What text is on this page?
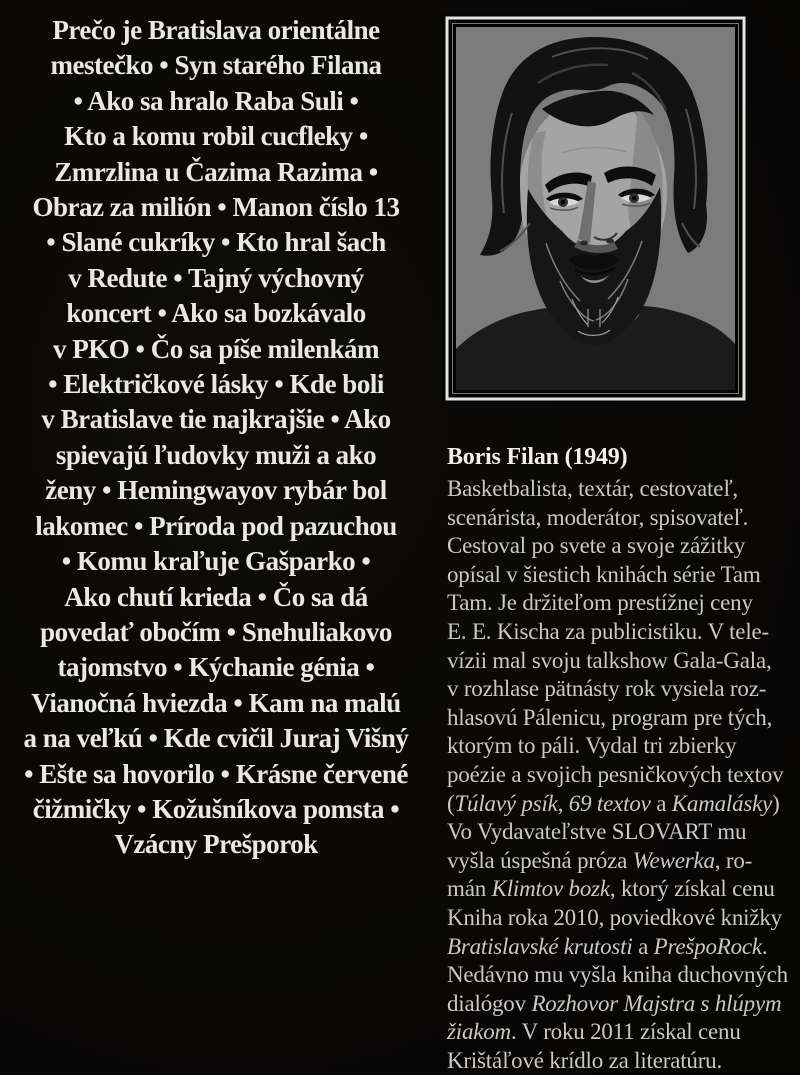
Prečo je Bratislava orientálne
mestečko • Syn starého Filana
• Ako sa hralo Raba Suli •
Kto a komu robil cucfleky •
Zmrzlina u Čazima Razima •
Obraz za milión • Manon číslo 13
• Slané cukríky • Kto hral šach
v Redute • Tajný výchovný
koncert • Ako sa bozkávalo
v PKO • Čo sa píše milenkám
• Električkové lásky • Kde boli
v Bratislave tie najkrajšie • Ako
spievajú ľudovky muži a ako
ženy • Hemingwayov rybár bol
lakomec • Príroda pod pazuchou
• Komu kraľuje Gašparko •
Ako chutí krieda • Čo sa dá
povedať obočím • Snehuliakovo
tajomstvo • Kýchanie génia •
Vianočná hviezda • Kam na malú
a na veľkú • Kde cvičil Juraj Višný
• Ešte sa hovorilo • Krásne červené
čižmičky • Kožušníkova pomsta •
Vzácny Prešporok
Boris Filan (1949)
Basketbalista, textár, cestovateľ,
scenárista, moderátor, spisovateľ.
Cestoval po svete a svoje zážitky
opísal v šiestich knihách série Tam
Tam. Je držiteľom prestížnej ceny
E. E. Kischa za publicistiku. V tele-
vízii mal svoju talkshow Gala-Gala,
v rozhlase pätnásty rok vysiela roz-
hlasovú Pálenicu, program pre tých,
ktorým to páli. Vydal tri zbierky
poézie a svojich pesničkových textov
(Túlavý psík, 69 textov a Kamalásky)
Vo Vydavateľstve SLOVART mu
vyšla úspešná próza Wewerka, ro-
mán Klimtov bozk, ktorý získal cenu
Kniha roka 2010, poviedkové knižky
Bratislavské krutosti a PrešpoRock.
Nedávno mu vyšla kniha duchovných
dialógov Rozhovor Majstra s hlúpym
žiakom. V roku 2011 získal cenu
Krištáľové krídlo za literatúru.
